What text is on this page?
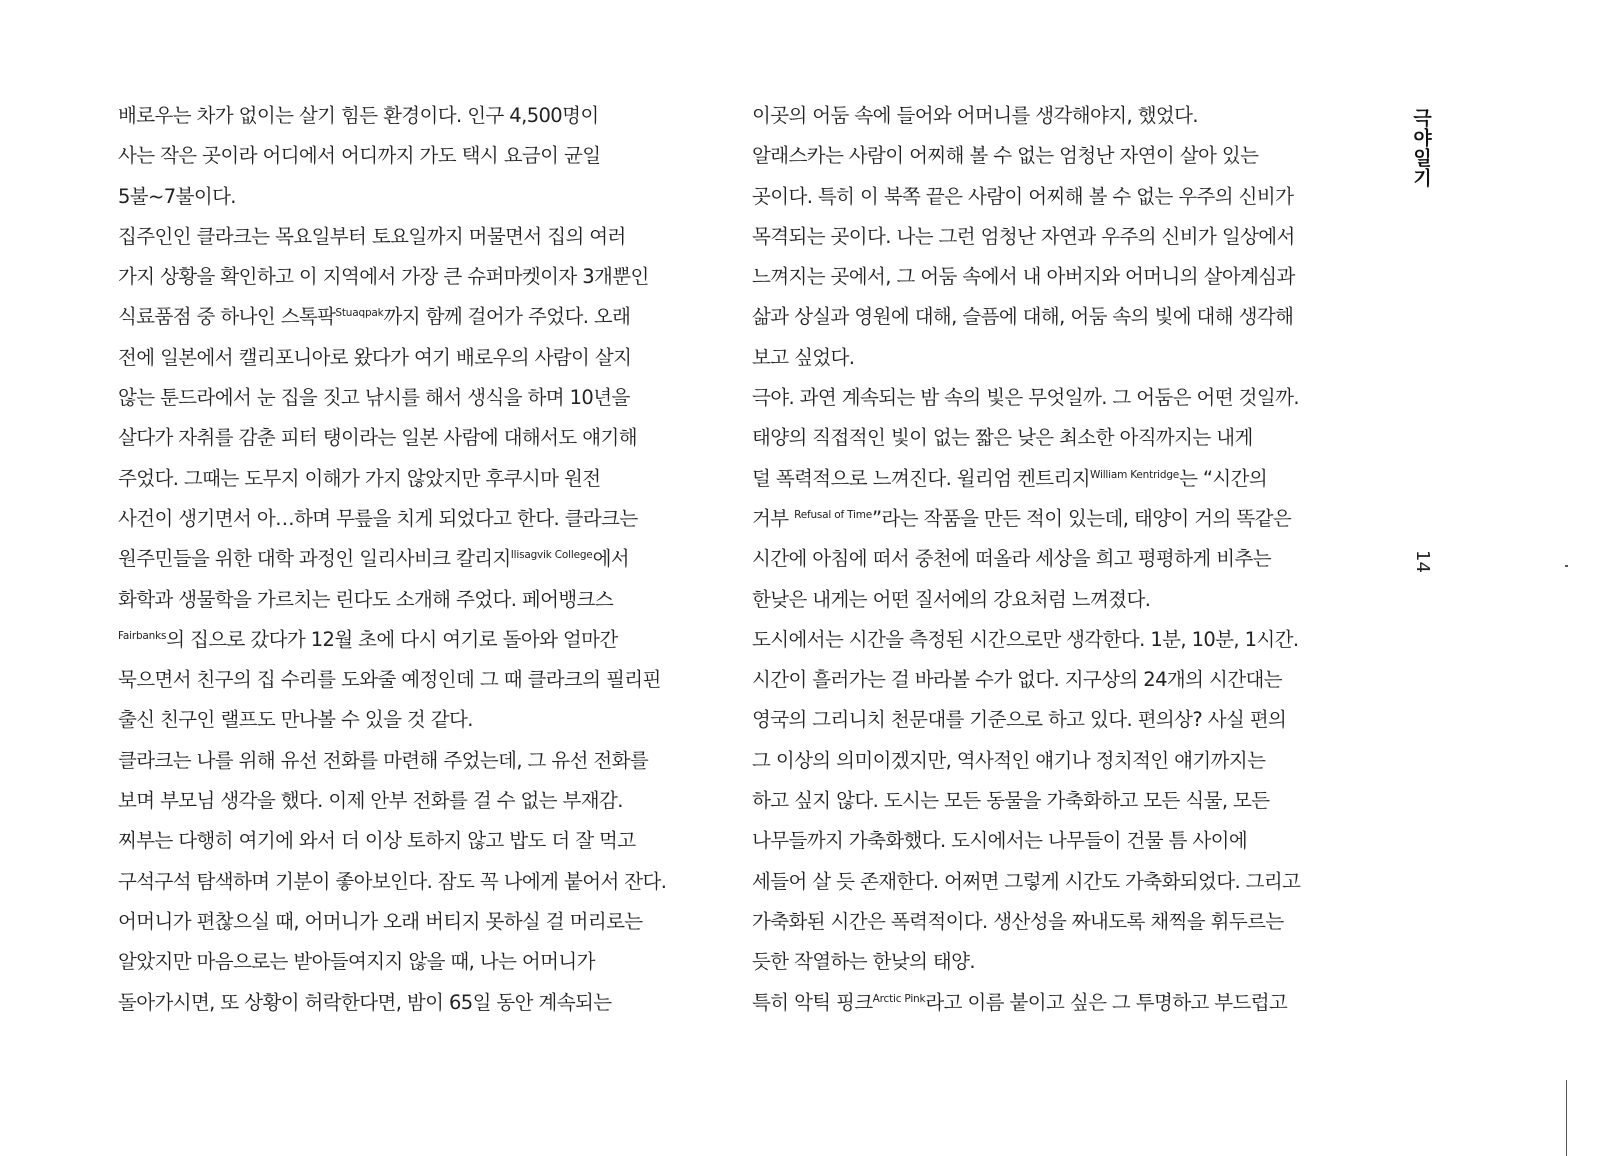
배로우는 차가 없이는 살기 힘든 환경이다. 인구 4,500명이
사는 작은 곳이라 어디에서 어디까지 가도 택시 요금이 균일
5불~7불이다.
집주인인 클라크는 목요일부터 토요일까지 머물면서 집의 여러
가지 상황을 확인하고 이 지역에서 가장 큰 슈퍼마켓이자 3개뿐인
식료품점 중 하나인 스톡팍$^{Stuaqpak}$까지 함께 걸어가 주었다. 오래
전에 일본에서 캘리포니아로 왔다가 여기 배로우의 사람이 살지
않는 툰드라에서 눈 집을 짓고 낚시를 해서 생식을 하며 10년을
살다가 자취를 감춘 피터 탱이라는 일본 사람에 대해서도 얘기해
주었다. 그때는 도무지 이해가 가지 않았지만 후쿠시마 원전
사건이 생기면서 아…하며 무릎을 치게 되었다고 한다. 클라크는
원주민들을 위한 대학 과정인 일리사비크 칼리지$^{Ilisagvik College}$에서
화학과 생물학을 가르치는 린다도 소개해 주었다. 페어뱅크스
$^{Fairbanks}$의 집으로 갔다가 12월 초에 다시 여기로 돌아와 얼마간
묵으면서 친구의 집 수리를 도와줄 예정인데 그 때 클라크의 필리핀
출신 친구인 랠프도 만나볼 수 있을 것 같다.
클라크는 나를 위해 유선 전화를 마련해 주었는데, 그 유선 전화를
보며 부모님 생각을 했다. 이제 안부 전화를 걸 수 없는 부재감.
찌부는 다행히 여기에 와서 더 이상 토하지 않고 밥도 더 잘 먹고
구석구석 탐색하며 기분이 좋아보인다. 잠도 꼭 나에게 붙어서 잔다.
어머니가 편찮으실 때, 어머니가 오래 버티지 못하실 걸 머리로는
알았지만 마음으로는 받아들여지지 않을 때, 나는 어머니가
돌아가시면, 또 상황이 허락한다면, 밤이 65일 동안 계속되는
이곳의 어둠 속에 들어와 어머니를 생각해야지, 했었다.
알래스카는 사람이 어찌해 볼 수 없는 엄청난 자연이 살아 있는
곳이다. 특히 이 북쪽 끝은 사람이 어찌해 볼 수 없는 우주의 신비가
목격되는 곳이다. 나는 그런 엄청난 자연과 우주의 신비가 일상에서
느껴지는 곳에서, 그 어둠 속에서 내 아버지와 어머니의 살아계심과
삶과 상실과 영원에 대해, 슬픔에 대해, 어둠 속의 빛에 대해 생각해
보고 싶었다.
극야. 과연 계속되는 밤 속의 빛은 무엇일까. 그 어둠은 어떤 것일까.
태양의 직접적인 빛이 없는 짧은 낮은 최소한 아직까지는 내게
덜 폭력적으로 느껴진다. 윌리엄 켄트리지$^{William Kentridge}$는 “시간의
거부 $^{Refusal of Time}$”라는 작품을 만든 적이 있는데, 태양이 거의 똑같은
시간에 아침에 떠서 중천에 떠올라 세상을 희고 평평하게 비추는
한낮은 내게는 어떤 질서에의 강요처럼 느껴졌다.
도시에서는 시간을 측정된 시간으로만 생각한다. 1분, 10분, 1시간.
시간이 흘러가는 걸 바라볼 수가 없다. 지구상의 24개의 시간대는
영국의 그리니치 천문대를 기준으로 하고 있다. 편의상? 사실 편의
그 이상의 의미이겠지만, 역사적인 얘기나 정치적인 얘기까지는
하고 싶지 않다. 도시는 모든 동물을 가축화하고 모든 식물, 모든
나무들까지 가축화했다. 도시에서는 나무들이 건물 틈 사이에
세들어 살 듯 존재한다. 어쩌면 그렇게 시간도 가축화되었다. 그리고
가축화된 시간은 폭력적이다. 생산성을 짜내도록 채찍을 휘두르는
듯한 작열하는 한낮의 태양.
특히 악틱 핑크$^{Arctic Pink}$라고 이름 붙이고 싶은 그 투명하고 부드럽고
극야일기
14
